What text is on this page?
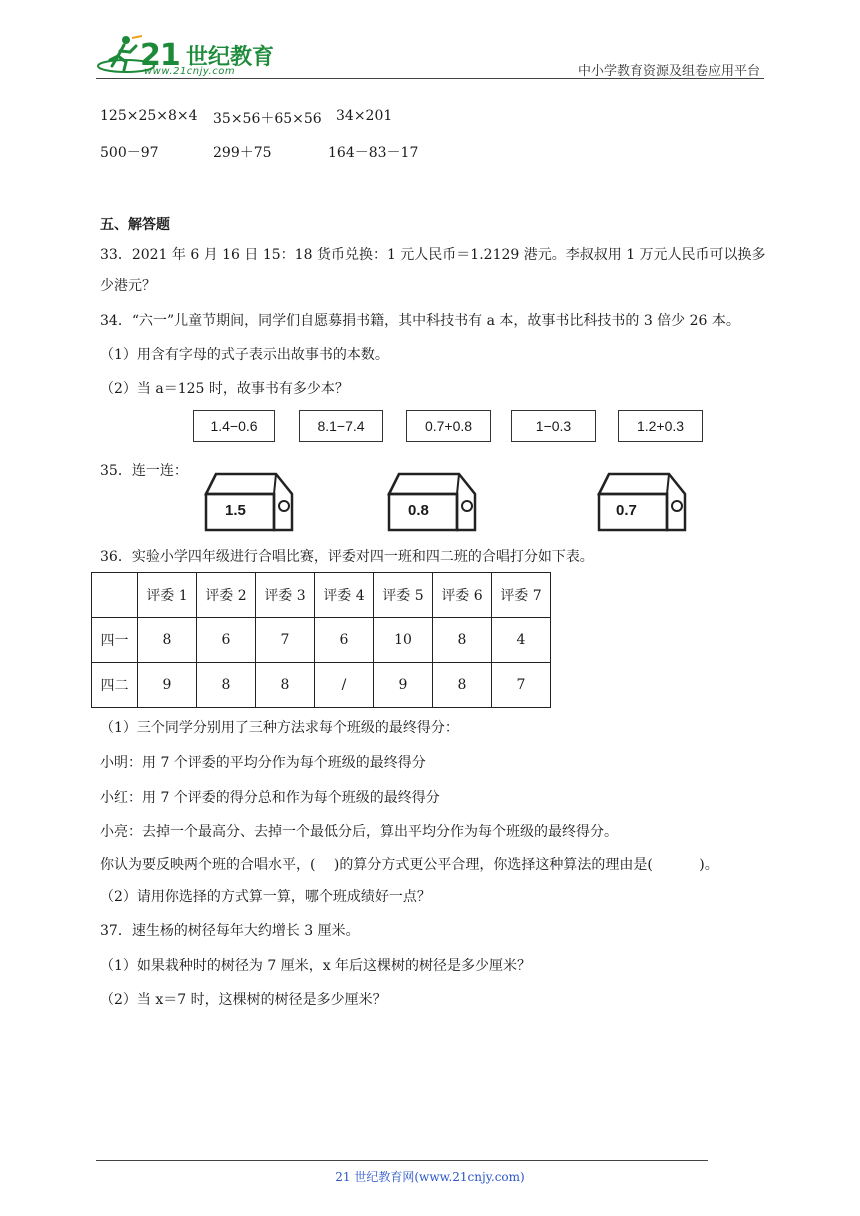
21 世纪教育
www.21cnjy.com	中小学教育资源及组卷应用平台
125×25×8×4 35×56＋65×56 34×201
500－97	299＋75	164－83－17
五、解答题
33．2021 年 6 月 16 日 15：18 货币兑换：1 元人民币＝1.2129 港元。李叔叔用 1 万元人民币可以换多
少港元？
34．“六一”儿童节期间，同学们自愿募捐书籍，其中科技书有 a 本，故事书比科技书的 3 倍少 26 本。
（1）用含有字母的式子表示出故事书的本数。
（2）当 a＝125 时，故事书有多少本？
1.4−0.6	8.1−7.4	0.7+0.8	1−0.3	1.2+0.3
35．连一连：
1.5	0.8	0.7
36．实验小学四年级进行合唱比赛，评委对四一班和四二班的合唱打分如下表。
	评委 1	评委 2	评委 3	评委 4	评委 5	评委 6	评委 7
四一	8	6	7	6	10	8	4
四二	9	8	8	/	9	8	7
（1）三个同学分别用了三种方法求每个班级的最终得分：
小明：用 7 个评委的平均分作为每个班级的最终得分
小红：用 7 个评委的得分总和作为每个班级的最终得分
小亮：去掉一个最高分、去掉一个最低分后，算出平均分作为每个班级的最终得分。
你认为要反映两个班的合唱水平，(　 )的算分方式更公平合理，你选择这种算法的理由是(　　　 )。
（2）请用你选择的方式算一算，哪个班成绩好一点？
37．速生杨的树径每年大约增长 3 厘米。
（1）如果栽种时的树径为 7 厘米，x 年后这棵树的树径是多少厘米？
（2）当 x＝7 时，这棵树的树径是多少厘米？
21 世纪教育网(www.21cnjy.com)
